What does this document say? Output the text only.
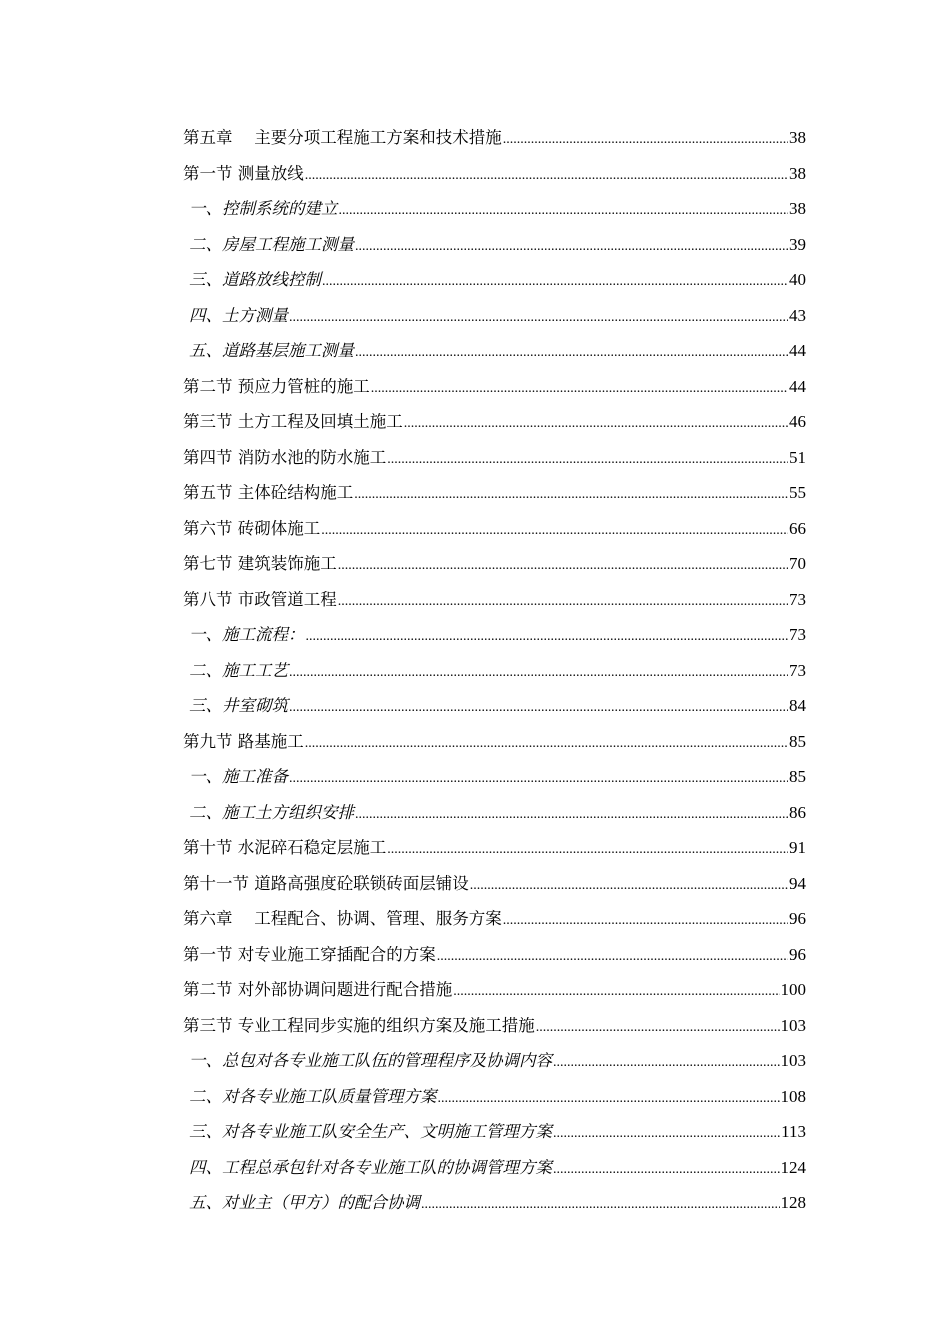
第五章　 主要分项工程施工方案和技术措施 .....	38
第一节 测量放线 .....	38
一、控制系统的建立 .....	38
二、房屋工程施工测量 .....	39
三、道路放线控制 .....	40
四、土方测量 .....	43
五、道路基层施工测量 .....	44
第二节 预应力管桩的施工 .....	44
第三节 土方工程及回填土施工 .....	46
第四节 消防水池的防水施工 .....	51
第五节 主体砼结构施工 .....	55
第六节 砖砌体施工 .....	66
第七节 建筑装饰施工 .....	70
第八节 市政管道工程 .....	73
一、施工流程： .....	73
二、施工工艺 .....	73
三、井室砌筑 .....	84
第九节 路基施工 .....	85
一、施工准备 .....	85
二、施工土方组织安排 .....	86
第十节 水泥碎石稳定层施工 .....	91
第十一节 道路高强度砼联锁砖面层铺设 .....	94
第六章　 工程配合、协调、管理、服务方案 .....	96
第一节 对专业施工穿插配合的方案 .....	96
第二节 对外部协调问题进行配合措施 .....	100
第三节 专业工程同步实施的组织方案及施工措施 .....	103
一、总包对各专业施工队伍的管理程序及协调内容 .....	103
二、对各专业施工队质量管理方案 .....	108
三、对各专业施工队安全生产、文明施工管理方案 .....	113
四、工程总承包针对各专业施工队的协调管理方案 .....	124
五、对业主（甲方）的配合协调 .....	128
